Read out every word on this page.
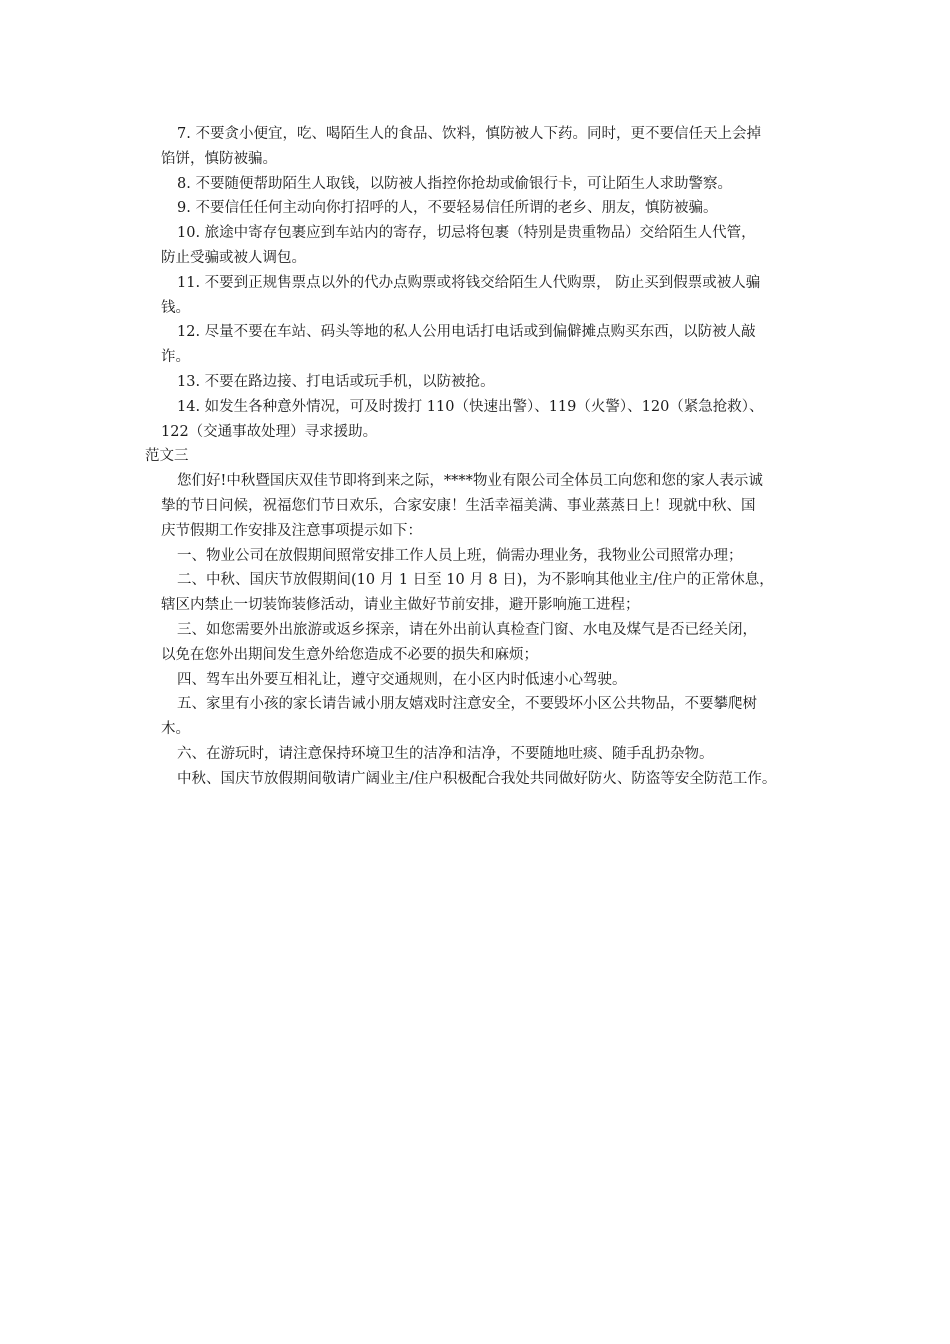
7. 不要贪小便宜，吃、喝陌生人的食品、饮料，慎防被人下药。同时，更不要信任天上会掉
馅饼，慎防被骗。

8. 不要随便帮助陌生人取钱，以防被人指控你抢劫或偷银行卡，可让陌生人求助警察。

9. 不要信任任何主动向你打招呼的人，不要轻易信任所谓的老乡、朋友，慎防被骗。

10. 旅途中寄存包裹应到车站内的寄存，切忌将包裹（特别是贵重物品）交给陌生人代管，
防止受骗或被人调包。

11. 不要到正规售票点以外的代办点购票或将钱交给陌生人代购票， 防止买到假票或被人骗
钱。

12. 尽量不要在车站、码头等地的私人公用电话打电话或到偏僻摊点购买东西，以防被人敲
诈。

13. 不要在路边接、打电话或玩手机，以防被抢。

14. 如发生各种意外情况，可及时拨打 110（快速出警）、119（火警）、120（紧急抢救）、
122（交通事故处理）寻求援助。

范文三

您们好!中秋暨国庆双佳节即将到来之际，****物业有限公司全体员工向您和您的家人表示诚
挚的节日问候，祝福您们节日欢乐，合家安康！生活幸福美满、事业蒸蒸日上！现就中秋、国
庆节假期工作安排及注意事项提示如下：

一、物业公司在放假期间照常安排工作人员上班，倘需办理业务，我物业公司照常办理；

二、中秋、国庆节放假期间(10 月 1 日至 10 月 8 日)，为不影响其他业主/住户的正常休息，
辖区内禁止一切装饰装修活动，请业主做好节前安排，避开影响施工进程；

三、如您需要外出旅游或返乡探亲，请在外出前认真检查门窗、水电及煤气是否已经关闭，
以免在您外出期间发生意外给您造成不必要的损失和麻烦；

四、驾车出外要互相礼让，遵守交通规则，在小区内时低速小心驾驶。

五、家里有小孩的家长请告诫小朋友嬉戏时注意安全，不要毁坏小区公共物品，不要攀爬树
木。

六、在游玩时，请注意保持环境卫生的洁净和洁净，不要随地吐痰、随手乱扔杂物。

中秋、国庆节放假期间敬请广阔业主/住户积极配合我处共同做好防火、防盗等安全防范工作。
